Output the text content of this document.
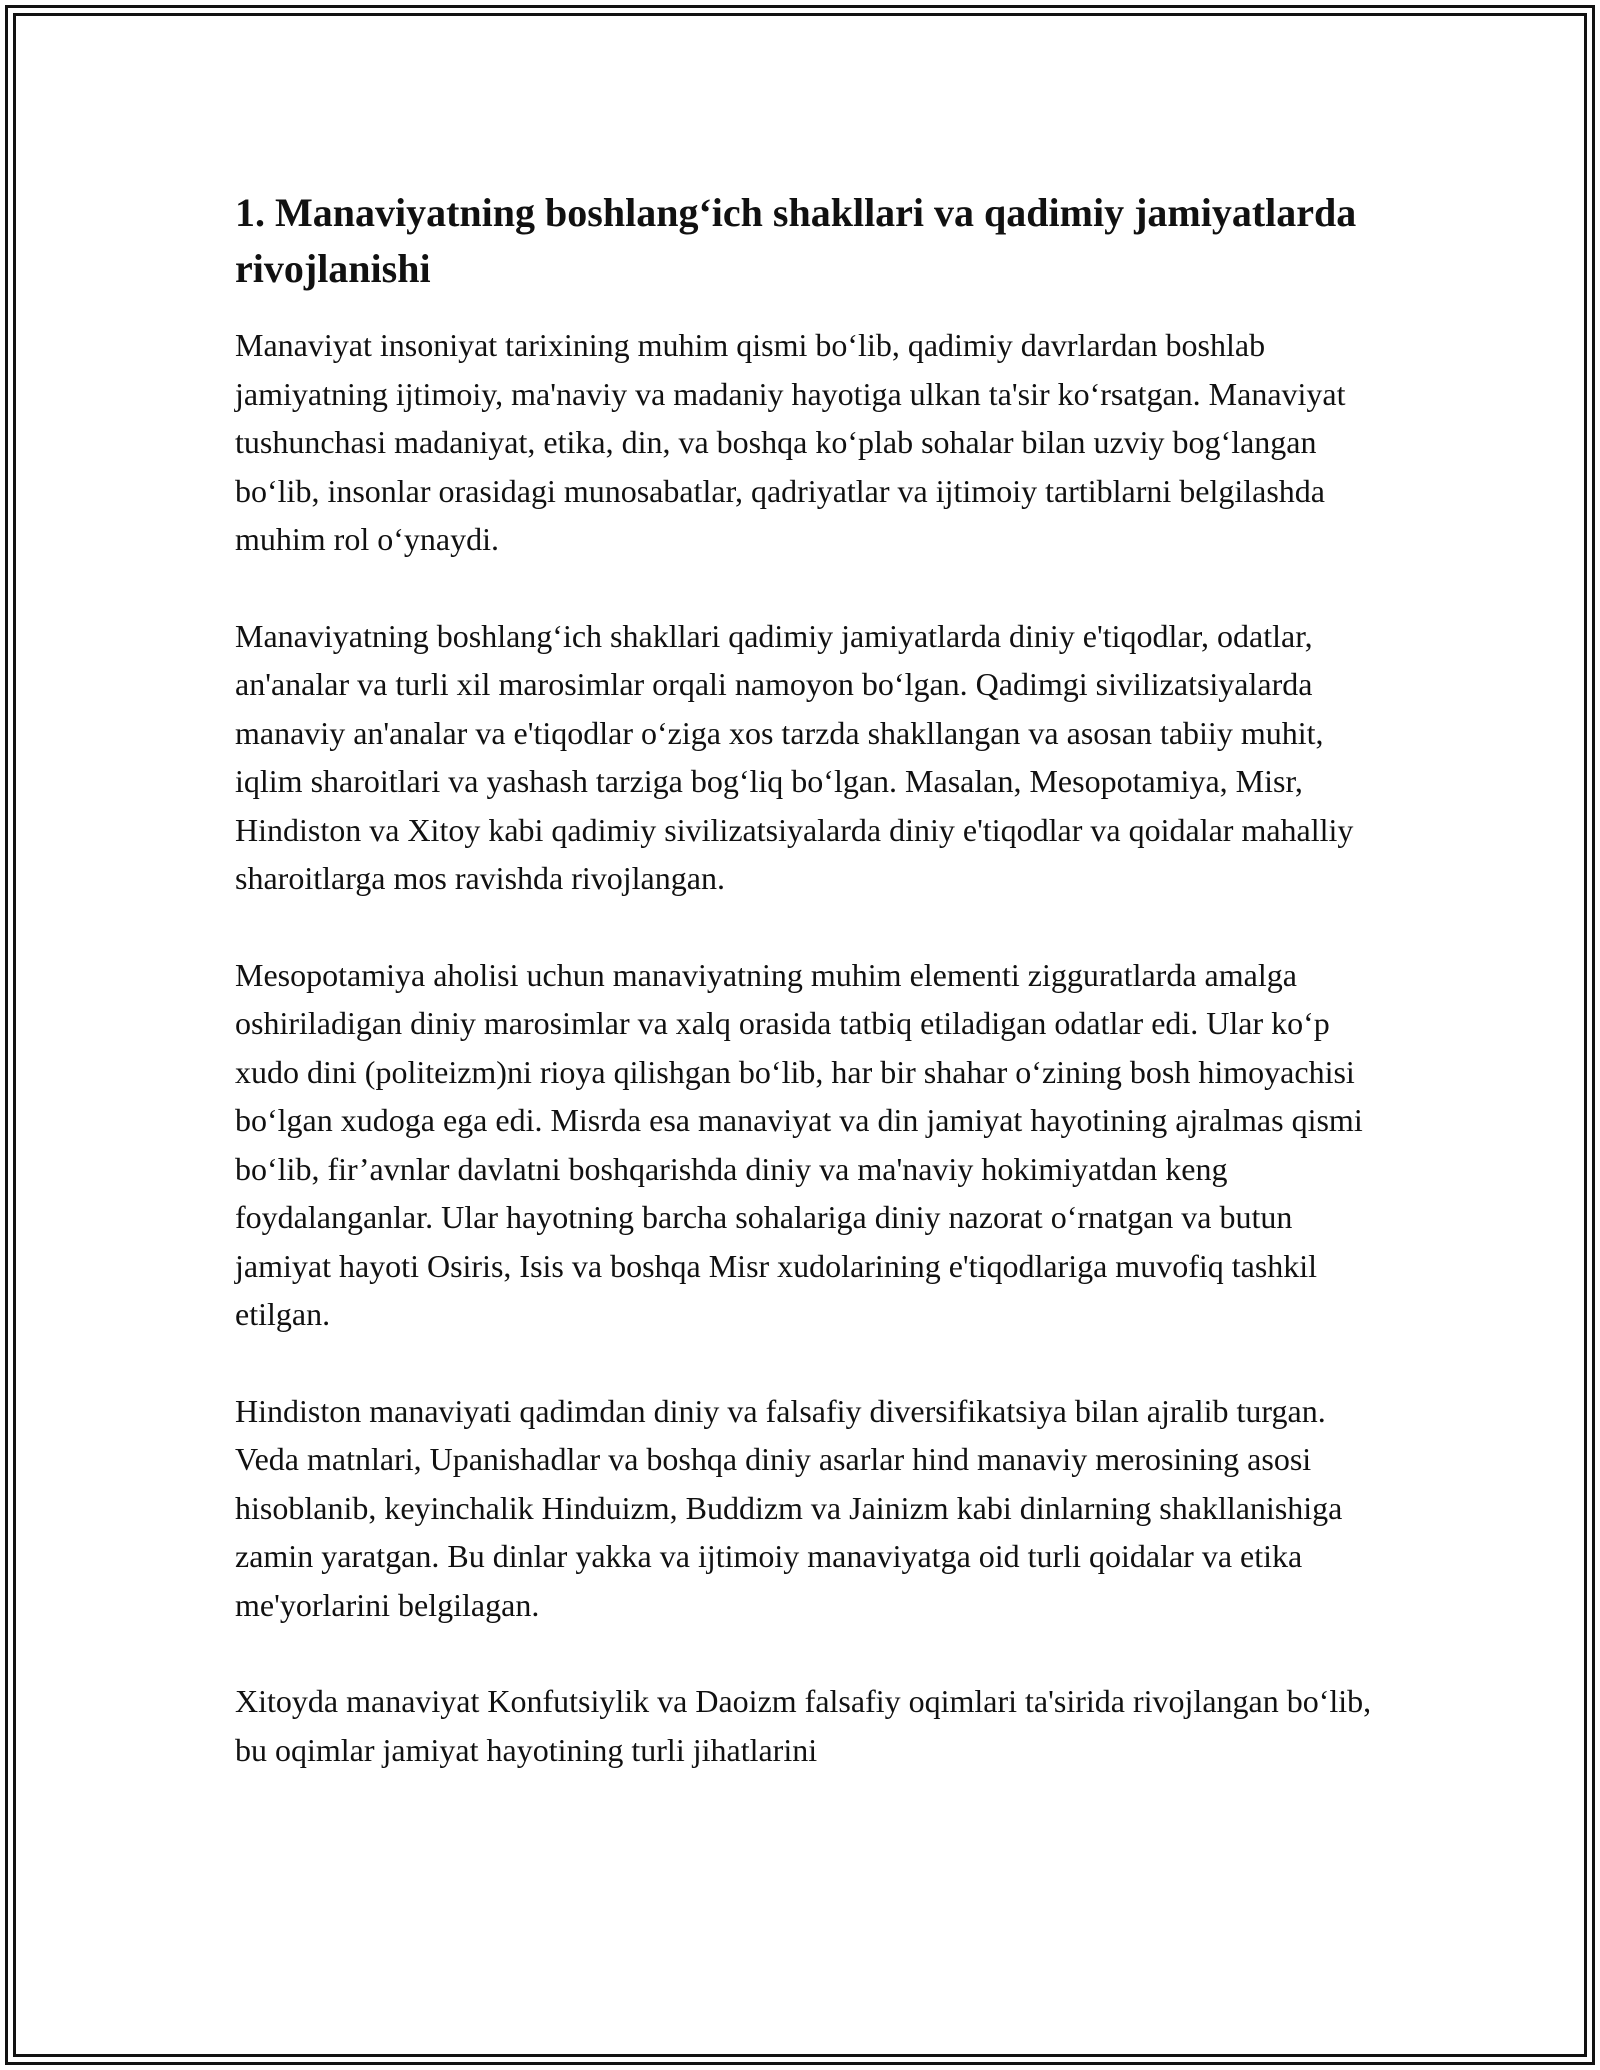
1. Manaviyatning boshlang‘ich shakllari va qadimiy jamiyatlarda rivojlanishi

Manaviyat insoniyat tarixining muhim qismi bo‘lib, qadimiy davrlardan boshlab jamiyatning ijtimoiy, ma'naviy va madaniy hayotiga ulkan ta'sir ko‘rsatgan. Manaviyat tushunchasi madaniyat, etika, din, va boshqa ko‘plab sohalar bilan uzviy bog‘langan bo‘lib, insonlar orasidagi munosabatlar, qadriyatlar va ijtimoiy tartiblarni belgilashda muhim rol o‘ynaydi.

Manaviyatning boshlang‘ich shakllari qadimiy jamiyatlarda diniy e'tiqodlar, odatlar, an'analar va turli xil marosimlar orqali namoyon bo‘lgan. Qadimgi sivilizatsiyalarda manaviy an'analar va e'tiqodlar o‘ziga xos tarzda shakllangan va asosan tabiiy muhit, iqlim sharoitlari va yashash tarziga bog‘liq bo‘lgan. Masalan, Mesopotamiya, Misr, Hindiston va Xitoy kabi qadimiy sivilizatsiyalarda diniy e'tiqodlar va qoidalar mahalliy sharoitlarga mos ravishda rivojlangan.

Mesopotamiya aholisi uchun manaviyatning muhim elementi zigguratlarda amalga oshiriladigan diniy marosimlar va xalq orasida tatbiq etiladigan odatlar edi. Ular ko‘p xudo dini (politeizm)ni rioya qilishgan bo‘lib, har bir shahar o‘zining bosh himoyachisi bo‘lgan xudoga ega edi. Misrda esa manaviyat va din jamiyat hayotining ajralmas qismi bo‘lib, fir’avnlar davlatni boshqarishda diniy va ma'naviy hokimiyatdan keng foydalanganlar. Ular hayotning barcha sohalariga diniy nazorat o‘rnatgan va butun jamiyat hayoti Osiris, Isis va boshqa Misr xudolarining e'tiqodlariga muvofiq tashkil etilgan.

Hindiston manaviyati qadimdan diniy va falsafiy diversifikatsiya bilan ajralib turgan. Veda matnlari, Upanishadlar va boshqa diniy asarlar hind manaviy merosining asosi hisoblanib, keyinchalik Hinduizm, Buddizm va Jainizm kabi dinlarning shakllanishiga zamin yaratgan. Bu dinlar yakka va ijtimoiy manaviyatga oid turli qoidalar va etika me'yorlarini belgilagan.

Xitoyda manaviyat Konfutsiylik va Daoizm falsafiy oqimlari ta'sirida rivojlangan bo‘lib, bu oqimlar jamiyat hayotining turli jihatlarini
